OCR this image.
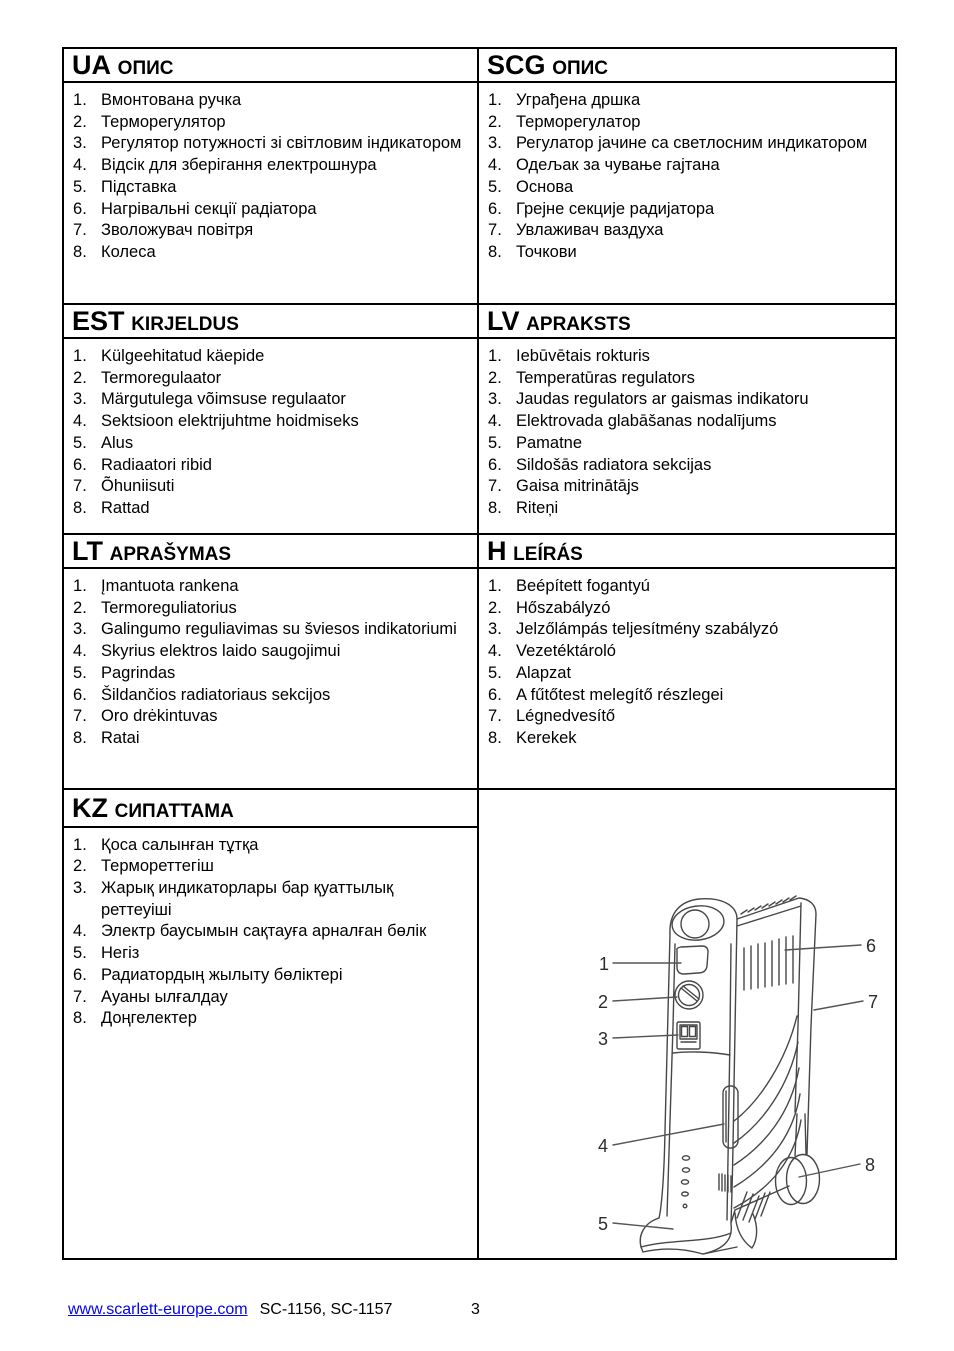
UA ОПИС	SCG ОПИС

Вмонтована ручка
Терморегулятор
Регулятор потужності зі світловим індикатором
Відсік для зберігання електрошнура
Підставка
Нагрівальні секції радіатора
Зволожувач повітря
Колеса

Уграђена дршка
Терморегулатор
Регулатор јачине са светлосним индикатором
Одељак за чување гајтана
Основа
Грејне секције радијатора
Увлаживач ваздуха
Точкови

EST KIRJELDUS	LV APRAKSTS

Külgeehitatud käepide
Termoregulaator
Märgutulega võimsuse regulaator
Sektsioon elektrijuhtme hoidmiseks
Alus
Radiaatori ribid
Õhuniisuti
Rattad

Iebūvētais rokturis
Temperatūras regulators
Jaudas regulators ar gaismas indikatoru
Elektrovada glabāšanas nodalījums
Pamatne
Sildošās radiatora sekcijas
Gaisa mitrinātājs
Riteņi

LT APRAŠYMAS	H LEÍRÁS

Įmantuota rankena
Termoreguliatorius
Galingumo reguliavimas su šviesos indikatoriumi
Skyrius elektros laido saugojimui
Pagrindas
Šildančios radiatoriaus sekcijos
Oro drėkintuvas
Ratai

Beépített fogantyú
Hőszabályzó
Jelzőlámpás teljesítmény szabályzó
Vezetéktároló
Alapzat
A fűtőtest melegítő részlegei
Légnedvesítő
Kerekek

KZ СИПАТТАМА

1
2
3
4
5
6
7
8

Қоса салынған тұтқа
Термореттегіш
Жарық индикаторлары бар қуаттылық реттеуіші
Электр баусымын сақтауға арналған бөлік
Негіз
Радиатордың жылыту бөліктері
Ауаны ылғалдау
Доңгелектер
www.scarlett-europe.com SC-1156, SC-1157	3
